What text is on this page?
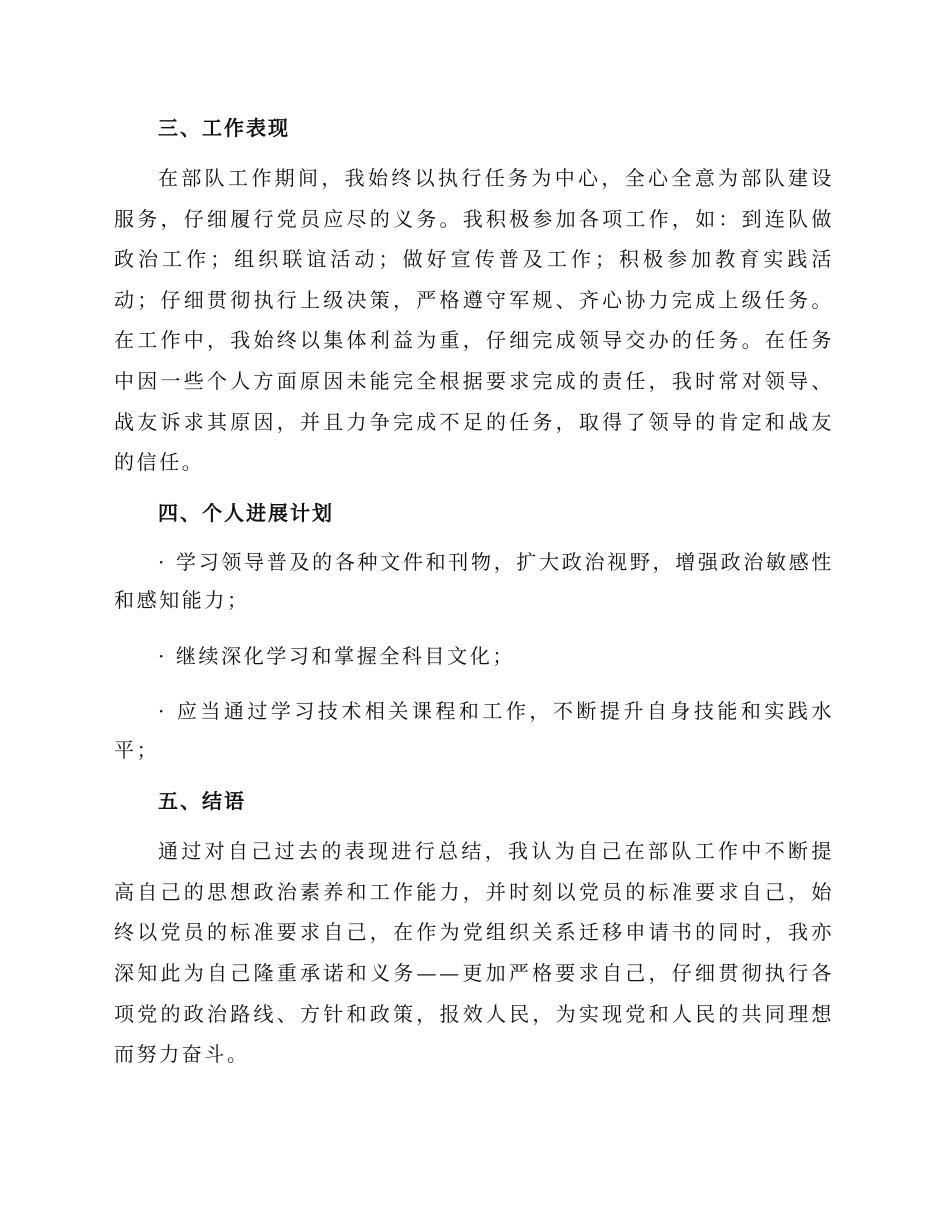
三、工作表现

在部队工作期间，我始终以执行任务为中心，全心全意为部队建设服务，仔细履行党员应尽的义务。我积极参加各项工作，如：到连队做政治工作；组织联谊活动；做好宣传普及工作；积极参加教育实践活动；仔细贯彻执行上级决策，严格遵守军规、齐心协力完成上级任务。在工作中，我始终以集体利益为重，仔细完成领导交办的任务。在任务中因一些个人方面原因未能完全根据要求完成的责任，我时常对领导、战友诉求其原因，并且力争完成不足的任务，取得了领导的肯定和战友的信任。

四、个人进展计划

· 学习领导普及的各种文件和刊物，扩大政治视野，增强政治敏感性和感知能力；

· 继续深化学习和掌握全科目文化；

· 应当通过学习技术相关课程和工作，不断提升自身技能和实践水平；

五、结语

通过对自己过去的表现进行总结，我认为自己在部队工作中不断提高自己的思想政治素养和工作能力，并时刻以党员的标准要求自己，始终以党员的标准要求自己，在作为党组织关系迁移申请书的同时，我亦深知此为自己隆重承诺和义务——更加严格要求自己，仔细贯彻执行各项党的政治路线、方针和政策，报效人民，为实现党和人民的共同理想而努力奋斗。
